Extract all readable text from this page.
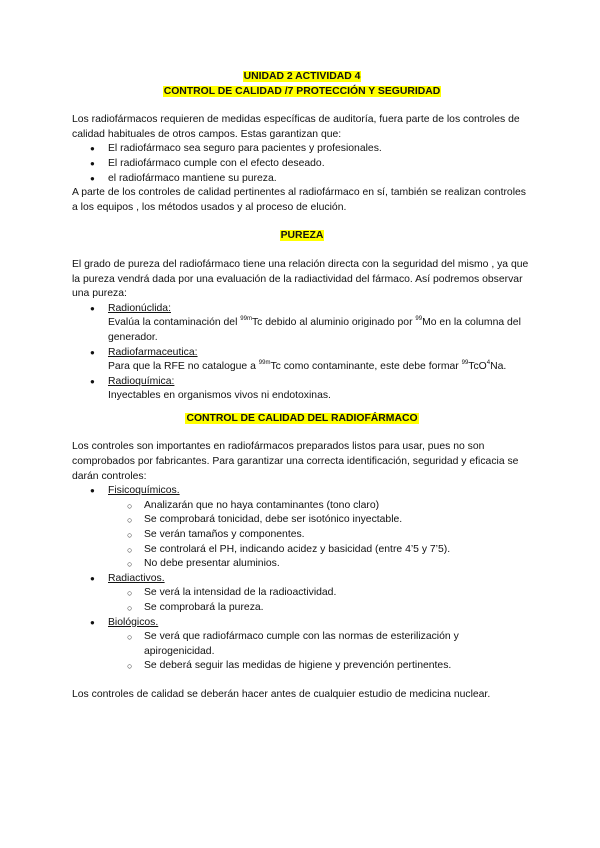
UNIDAD 2 ACTIVIDAD 4

CONTROL DE CALIDAD /7 PROTECCIÓN Y SEGURIDAD

Los radiofármacos requieren de medidas específicas de auditoría, fuera parte de los controles de calidad habituales de otros campos. Estas garantizan que:

● El radiofármaco sea seguro para pacientes y profesionales.
● El radiofármaco cumple con el efecto deseado.
● el radiofármaco mantiene su pureza.

A parte de los controles de calidad pertinentes al radiofármaco en sí, también se realizan controles a los equipos , los métodos usados y al proceso de elución.

PUREZA

El grado de pureza del radiofármaco tiene una relación directa con la seguridad del mismo , ya que la pureza vendrá dada por una evaluación de la radiactividad del fármaco. Así podremos observar una pureza:

● Radionúclida:
Evalúa la contaminación del $^{99m}$Tc debido al aluminio originado por $^{99}$Mo en la columna del generador.
● Radiofarmaceutica:
Para que la RFE no catalogue a $^{99m}$Tc como contaminante, este debe formar $^{99}$TcO$^4$Na.
● Radioquímica:
Inyectables en organismos vivos ni endotoxinas.

CONTROL DE CALIDAD DEL RADIOFÁRMACO

Los controles son importantes en radiofármacos preparados listos para usar, pues no son comprobados por fabricantes. Para garantizar una correcta identificación, seguridad y eficacia se darán controles:

● Fisicoquímicos.
○ Analizarán que no haya contaminantes (tono claro)
○ Se comprobará tonicidad, debe ser isotónico inyectable.
○ Se verán tamaños y componentes.
○ Se controlará el PH, indicando acidez y basicidad (entre 4’5 y 7’5).
○ No debe presentar aluminios.
● Radiactivos.
○ Se verá la intensidad de la radioactividad.
○ Se comprobará la pureza.
● Biológicos.
○ Se verá que radiofármaco cumple con las normas de esterilización y apirogenicidad.
○ Se deberá seguir las medidas de higiene y prevención pertinentes.

Los controles de calidad se deberán hacer antes de cualquier estudio de medicina nuclear.
